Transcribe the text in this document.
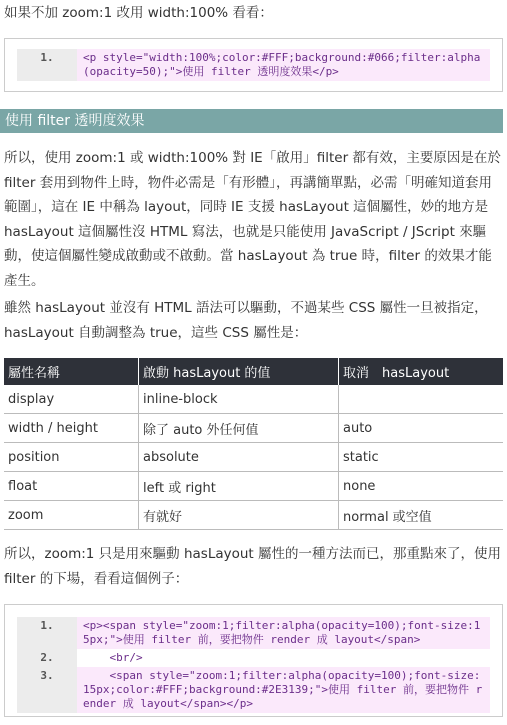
如果不加 zoom:1 改用 width:100% 看看：

1.	<p style="width:100%;color:#FFF;background:#066;filter:alpha(opacity=50);">使用 filter 透明度效果</p>
使用 filter 透明度效果

所以，使用 zoom:1 或 width:100% 對 IE「啟用」filter 都有效，主要原因是在於 filter 套用到物件上時，物件必需是「有形體」，再講簡單點，必需「明確知道套用範圍」，這在 IE 中稱為 layout，同時 IE 支援 hasLayout 這個屬性，妙的地方是 hasLayout 這個屬性沒 HTML 寫法，也就是只能使用 JavaScript / JScript 來驅動，使這個屬性變成啟動或不啟動。當 hasLayout 為 true 時，filter 的效果才能產生。

雖然 hasLayout 並沒有 HTML 語法可以驅動，不過某些 CSS 屬性一旦被指定，hasLayout 自動調整為 true，這些 CSS 屬性是：

屬性名稱	啟動 hasLayout 的值	取消　hasLayout
display	inline-block	
width / height	除了 auto 外任何值	auto
position	absolute	static
float	left 或 right	none
zoom	有就好	normal 或空值

所以，zoom:1 只是用來驅動 hasLayout 屬性的一種方法而已，那重點來了，使用 filter 的下場，看看這個例子：

1.	<p><span style="zoom:1;filter:alpha(opacity=100);font-size:15px;">使用 filter 前，要把物件 render 成 layout</span>
2.	<br/>
3.	<span style="zoom:1;filter:alpha(opacity=100);font-size:15px;color:#FFF;background:#2E3139;">使用 filter 前，要把物件 render 成 layout</span></p>
